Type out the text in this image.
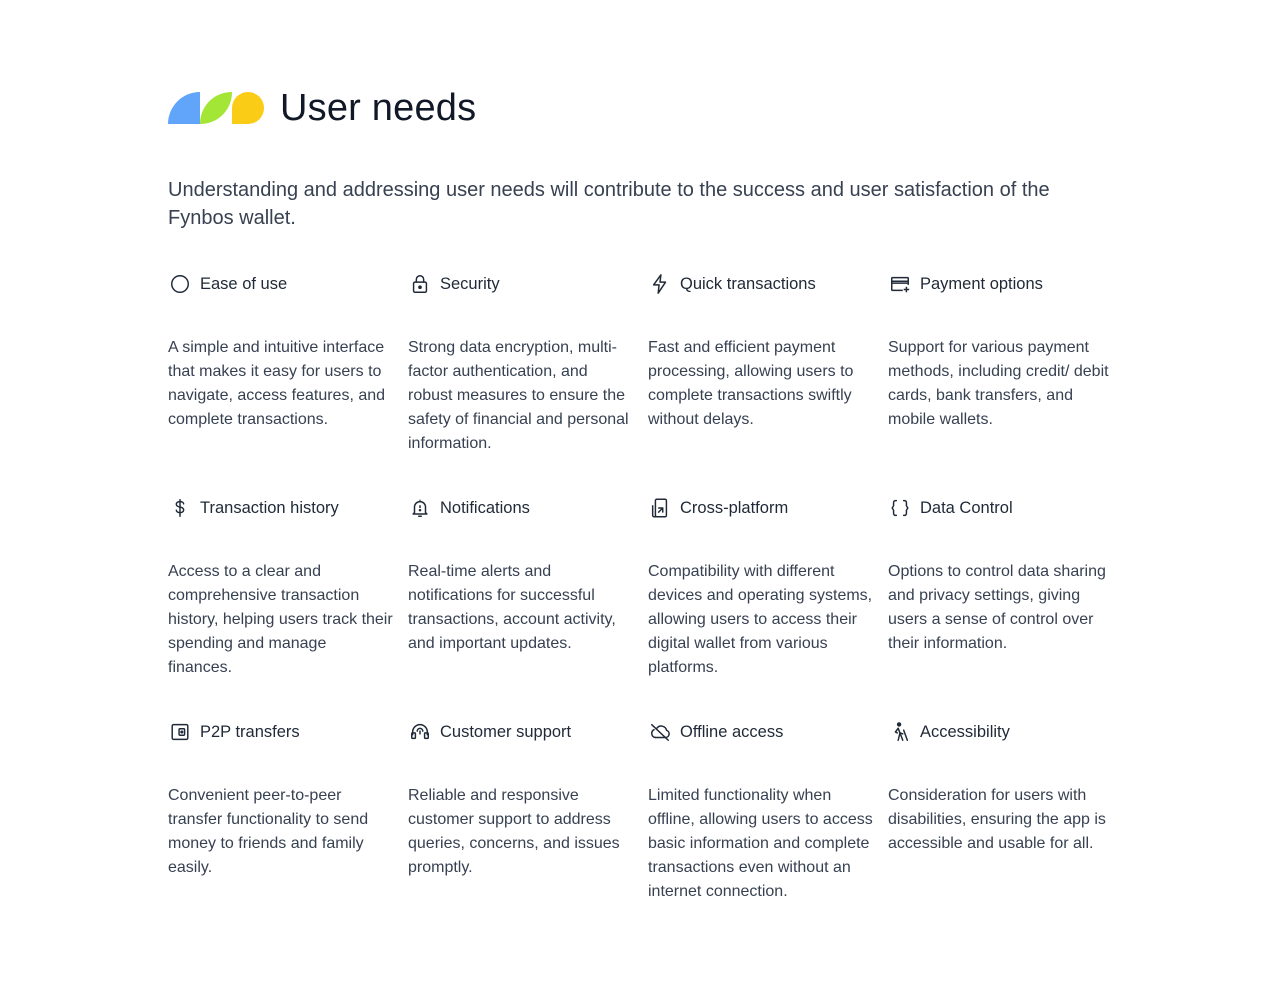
User needs

Understanding and addressing user needs will contribute to the success and user satisfaction of the Fynbos wallet.

Ease of use

A simple and intuitive interface that makes it easy for users to navigate, access features, and complete transactions.

Security

Strong data encryption, multi-factor authentication, and robust measures to ensure the safety of financial and personal information.

Quick transactions

Fast and efficient payment processing, allowing users to complete transactions swiftly without delays.

Payment options

Support for various payment methods, including credit/ debit cards, bank transfers, and mobile wallets.

Transaction history

Access to a clear and comprehensive transaction history, helping users track their spending and manage finances.

Notifications

Real-time alerts and notifications for successful transactions, account activity, and important updates.

Cross-platform

Compatibility with different devices and operating systems, allowing users to access their digital wallet from various platforms.

Data Control

Options to control data sharing and privacy settings, giving users a sense of control over their information.

P2P transfers

Convenient peer-to-peer transfer functionality to send money to friends and family easily.

Customer support

Reliable and responsive customer support to address queries, concerns, and issues promptly.

Offline access

Limited functionality when offline, allowing users to access basic information and complete transactions even without an internet connection.

Accessibility

Consideration for users with disabilities, ensuring the app is accessible and usable for all.
